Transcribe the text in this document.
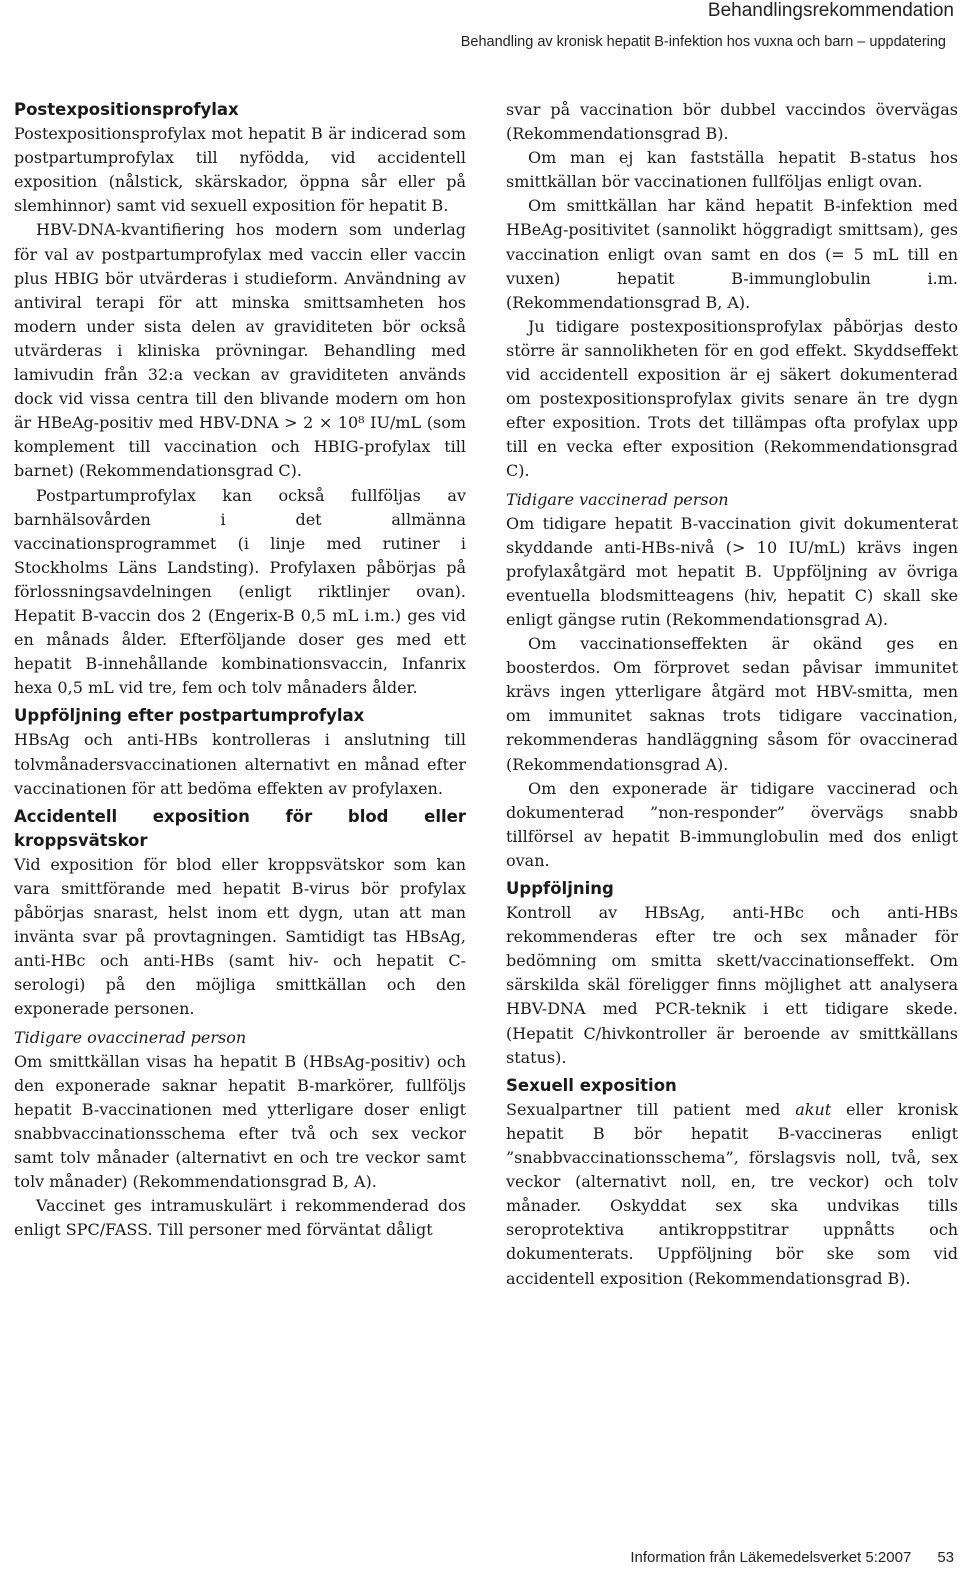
Behandlingsrekommendation
Behandling av kronisk hepatit B-infektion hos vuxna och barn – uppdatering
Postexpositionsprofylax

Postexpositionsprofylax mot hepatit B är indicerad som postpartumprofylax till nyfödda, vid accidentell exposition (nålstick, skärskador, öppna sår eller på slemhinnor) samt vid sexuell exposition för hepatit B.

HBV-DNA-kvantifiering hos modern som underlag för val av postpartumprofylax med vaccin eller vaccin plus HBIG bör utvärderas i studieform. Användning av antiviral terapi för att minska smittsamheten hos modern under sista delen av graviditeten bör också utvärderas i kliniska prövningar. Behandling med lamivudin från 32:a veckan av graviditeten används dock vid vissa centra till den blivande modern om hon är HBeAg-positiv med HBV-DNA > 2 × 10⁸ IU/mL (som komplement till vaccination och HBIG-profylax till barnet) (Rekommendationsgrad C).

Postpartumprofylax kan också fullföljas av barnhälsovården i det allmänna vaccinationsprogrammet (i linje med rutiner i Stockholms Läns Landsting). Profylaxen påbörjas på förlossningsavdelningen (enligt riktlinjer ovan). Hepatit B-vaccin dos 2 (Engerix-B 0,5 mL i.m.) ges vid en månads ålder. Efterföljande doser ges med ett hepatit B-innehållande kombinationsvaccin, Infanrix hexa 0,5 mL vid tre, fem och tolv månaders ålder.

Uppföljning efter postpartumprofylax

HBsAg och anti-HBs kontrolleras i anslutning till tolvmånadersvaccinationen alternativt en månad efter vaccinationen för att bedöma effekten av profylaxen.

Accidentell exposition för blod eller kroppsvätskor

Vid exposition för blod eller kroppsvätskor som kan vara smittförande med hepatit B-virus bör profylax påbörjas snarast, helst inom ett dygn, utan att man invänta svar på provtagningen. Samtidigt tas HBsAg, anti-HBc och anti-HBs (samt hiv- och hepatit C-serologi) på den möjliga smittkällan och den exponerade personen.

Tidigare ovaccinerad person

Om smittkällan visas ha hepatit B (HBsAg-positiv) och den exponerade saknar hepatit B-markörer, fullföljs hepatit B-vaccinationen med ytterligare doser enligt snabbvaccinationsschema efter två och sex veckor samt tolv månader (alternativt en och tre veckor samt tolv månader) (Rekommendationsgrad B, A).

Vaccinet ges intramuskulärt i rekommenderad dos enligt SPC/FASS. Till personer med förväntat dåligt

svar på vaccination bör dubbel vaccindos övervägas (Rekommendationsgrad B).

Om man ej kan fastställa hepatit B-status hos smittkällan bör vaccinationen fullföljas enligt ovan.

Om smittkällan har känd hepatit B-infektion med HBeAg-positivitet (sannolikt höggradigt smittsam), ges vaccination enligt ovan samt en dos (= 5 mL till en vuxen) hepatit B-immunglobulin i.m. (Rekommendationsgrad B, A).

Ju tidigare postexpositionsprofylax påbörjas desto större är sannolikheten för en god effekt. Skyddseffekt vid accidentell exposition är ej säkert dokumenterad om postexpositionsprofylax givits senare än tre dygn efter exposition. Trots det tillämpas ofta profylax upp till en vecka efter exposition (Rekommendationsgrad C).

Tidigare vaccinerad person

Om tidigare hepatit B-vaccination givit dokumenterat skyddande anti-HBs-nivå (> 10 IU/mL) krävs ingen profylaxåtgärd mot hepatit B. Uppföljning av övriga eventuella blodsmitteagens (hiv, hepatit C) skall ske enligt gängse rutin (Rekommendationsgrad A).

Om vaccinationseffekten är okänd ges en boosterdos. Om förprovet sedan påvisar immunitet krävs ingen ytterligare åtgärd mot HBV-smitta, men om immunitet saknas trots tidigare vaccination, rekommenderas handläggning såsom för ovaccinerad (Rekommendationsgrad A).

Om den exponerade är tidigare vaccinerad och dokumenterad ”non-responder” övervägs snabb tillförsel av hepatit B-immunglobulin med dos enligt ovan.

Uppföljning

Kontroll av HBsAg, anti-HBc och anti-HBs rekommenderas efter tre och sex månader för bedömning om smitta skett/vaccinationseffekt. Om särskilda skäl föreligger finns möjlighet att analysera HBV-DNA med PCR-teknik i ett tidigare skede. (Hepatit C/hivkontroller är beroende av smittkällans status).

Sexuell exposition

Sexualpartner till patient med akut eller kronisk hepatit B bör hepatit B-vaccineras enligt ”snabbvaccinationsschema”, förslagsvis noll, två, sex veckor (alternativt noll, en, tre veckor) och tolv månader. Oskyddat sex ska undvikas tills seroprotektiva antikroppstitrar uppnåtts och dokumenterats. Uppföljning bör ske som vid accidentell exposition (Rekommendationsgrad B).

Information från Läkemedelsverket 5:2007 53
